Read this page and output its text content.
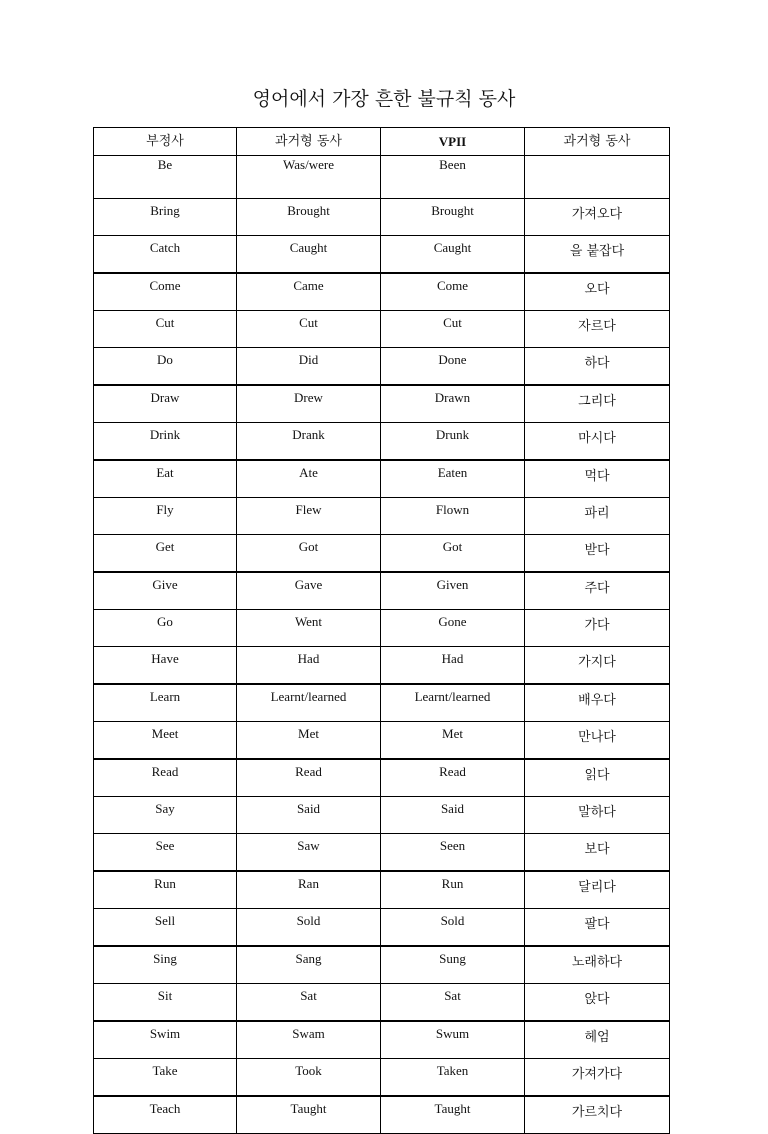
영어에서 가장 흔한 불규칙 동사
부정사	과거형 동사	VPII	과거형 동사
Be	Was/were	Been	
Bring	Brought	Brought	가져오다
Catch	Caught	Caught	을 붙잡다
Come	Came	Come	오다
Cut	Cut	Cut	자르다
Do	Did	Done	하다
Draw	Drew	Drawn	그리다
Drink	Drank	Drunk	마시다
Eat	Ate	Eaten	먹다
Fly	Flew	Flown	파리
Get	Got	Got	받다
Give	Gave	Given	주다
Go	Went	Gone	가다
Have	Had	Had	가지다
Learn	Learnt/learned	Learnt/learned	배우다
Meet	Met	Met	만나다
Read	Read	Read	읽다
Say	Said	Said	말하다
See	Saw	Seen	보다
Run	Ran	Run	달리다
Sell	Sold	Sold	팔다
Sing	Sang	Sung	노래하다
Sit	Sat	Sat	앉다
Swim	Swam	Swum	헤엄
Take	Took	Taken	가져가다
Teach	Taught	Taught	가르치다
